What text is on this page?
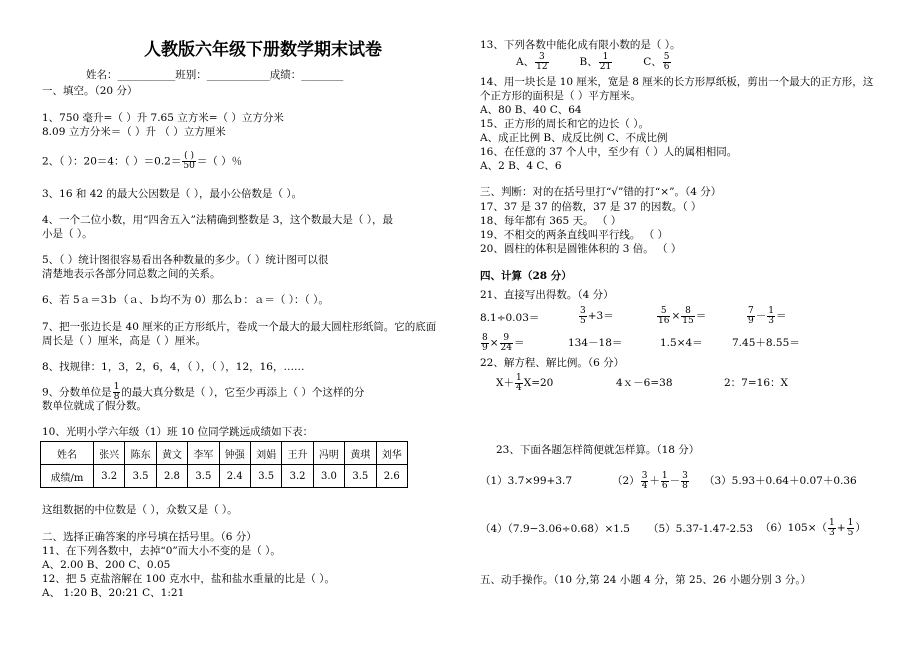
人教版六年级下册数学期末试卷
姓名：___________班别：____________成绩：________
一、填空。（20 分）
1、750 毫升=（ ）升 7.65 立方米=（ ）立方分米
8.09 立方分米＝（ ）升 （ ）立方厘米
2、（ ）：20＝4：（ ）$=0.2= \frac{( )}{50}$ ＝（ ）％
3、16 和 42 的最大公因数是（ ），最小公倍数是（ ）。
4、一个二位小数，用“四舍五入”法精确到整数是 3，这个数最大是（ ），最
小是（ ）。
5、（ ）统计图很容易看出各种数量的多少。（ ）统计图可以很
清楚地表示各部分同总数之间的关系。
6、若 5ａ＝3ｂ（ａ、ｂ均不为 0）那么ｂ：ａ＝（ ）：（ ）。
7、把一张边长是 40 厘米的正方形纸片，卷成一个最大的最大圆柱形纸筒。它的底面
周长是（ ）厘米，高是（ ）厘米。
8、找规律：1，3，2，6，4，（ ），（ ），12，16，……
9、分数单位是 $\frac{1}{8}$ 的最大真分数是（ ），它至少再添上（ ）个这样的分
数单位就成了假分数。
10、光明小学六年级（1）班 10 位同学跳远成绩如下表：
姓名	张兴	陈东	黄文	李军	钟强	刘娟	王升	冯明	黄琪	刘华
成绩/m	3.2	3.5	2.8	3.5	2.4	3.5	3.2	3.0	3.5	2.6
这组数据的中位数是（ ），众数又是（ ）。
二、选择正确答案的序号填在括号里。（6 分）
11、在下列各数中，去掉“0”而大小不变的是（ ）。
A、2.00 B、200 C、0.05
12、把 5 克盐溶解在 100 克水中，盐和盐水重量的比是（ ）。
A、 1:20 B、20:21 C、1:21
13、下列各数中能化成有限小数的是（ ）。
A、 $\frac{3}{12}$	B、 $\frac{1}{21}$	C、 $\frac{5}{6}$
14、用一块长是 10 厘米，宽是 8 厘米的长方形厚纸板，剪出一个最大的正方形，这
个正方形的面积是（ ）平方厘米。
A、80 B、40 C、64
15、正方形的周长和它的边长（ ）。
A、成正比例 B、成反比例 C、不成比例
16、在任意的 37 个人中，至少有（ ）人的属相相同。
A、2 B、4 C、6
三、判断：对的在括号里打“√”错的打“×”。（4 分）
17、37 是 37 的倍数，37 是 37 的因数。（ ）
18、每年都有 365 天。 （ ）
19、不相交的两条直线叫平行线。 （ ）
20、圆柱的体积是圆锥体积的 3 倍。 （ ）
四、计算（28 分）
21、直接写出得数。（4 分）
8.1÷0.03＝	$\frac{3}{5} +3=$	$\frac{5}{16} \times \frac{8}{15}$ ＝	$\frac{7}{9} - \frac{1}{3}$ ＝
$\frac{8}{9} \times \frac{9}{24}$ ＝	134－18＝	1.5×4＝	7.45＋8.55＝
22、解方程、解比例。（6 分）
$X+ \frac{1}{4} X=20$	4ｘ－6=38	2：7=16：X
23、下面各题怎样简便就怎样算。（18 分）
（1）3.7×99+3.7	$(2) \frac{3}{4} + \frac{1}{6} - \frac{3}{8} (3)5.93+0.64+0.07+0.36$
（4）（7.9−3.06÷0.68）×1.5 （5）5.37-1.47-2.53 $(6)105\times( \frac{1}{3} + \frac{1}{5}$ ）
五、动手操作。（10 分,第 24 小题 4 分，第 25、26 小题分别 3 分。）
